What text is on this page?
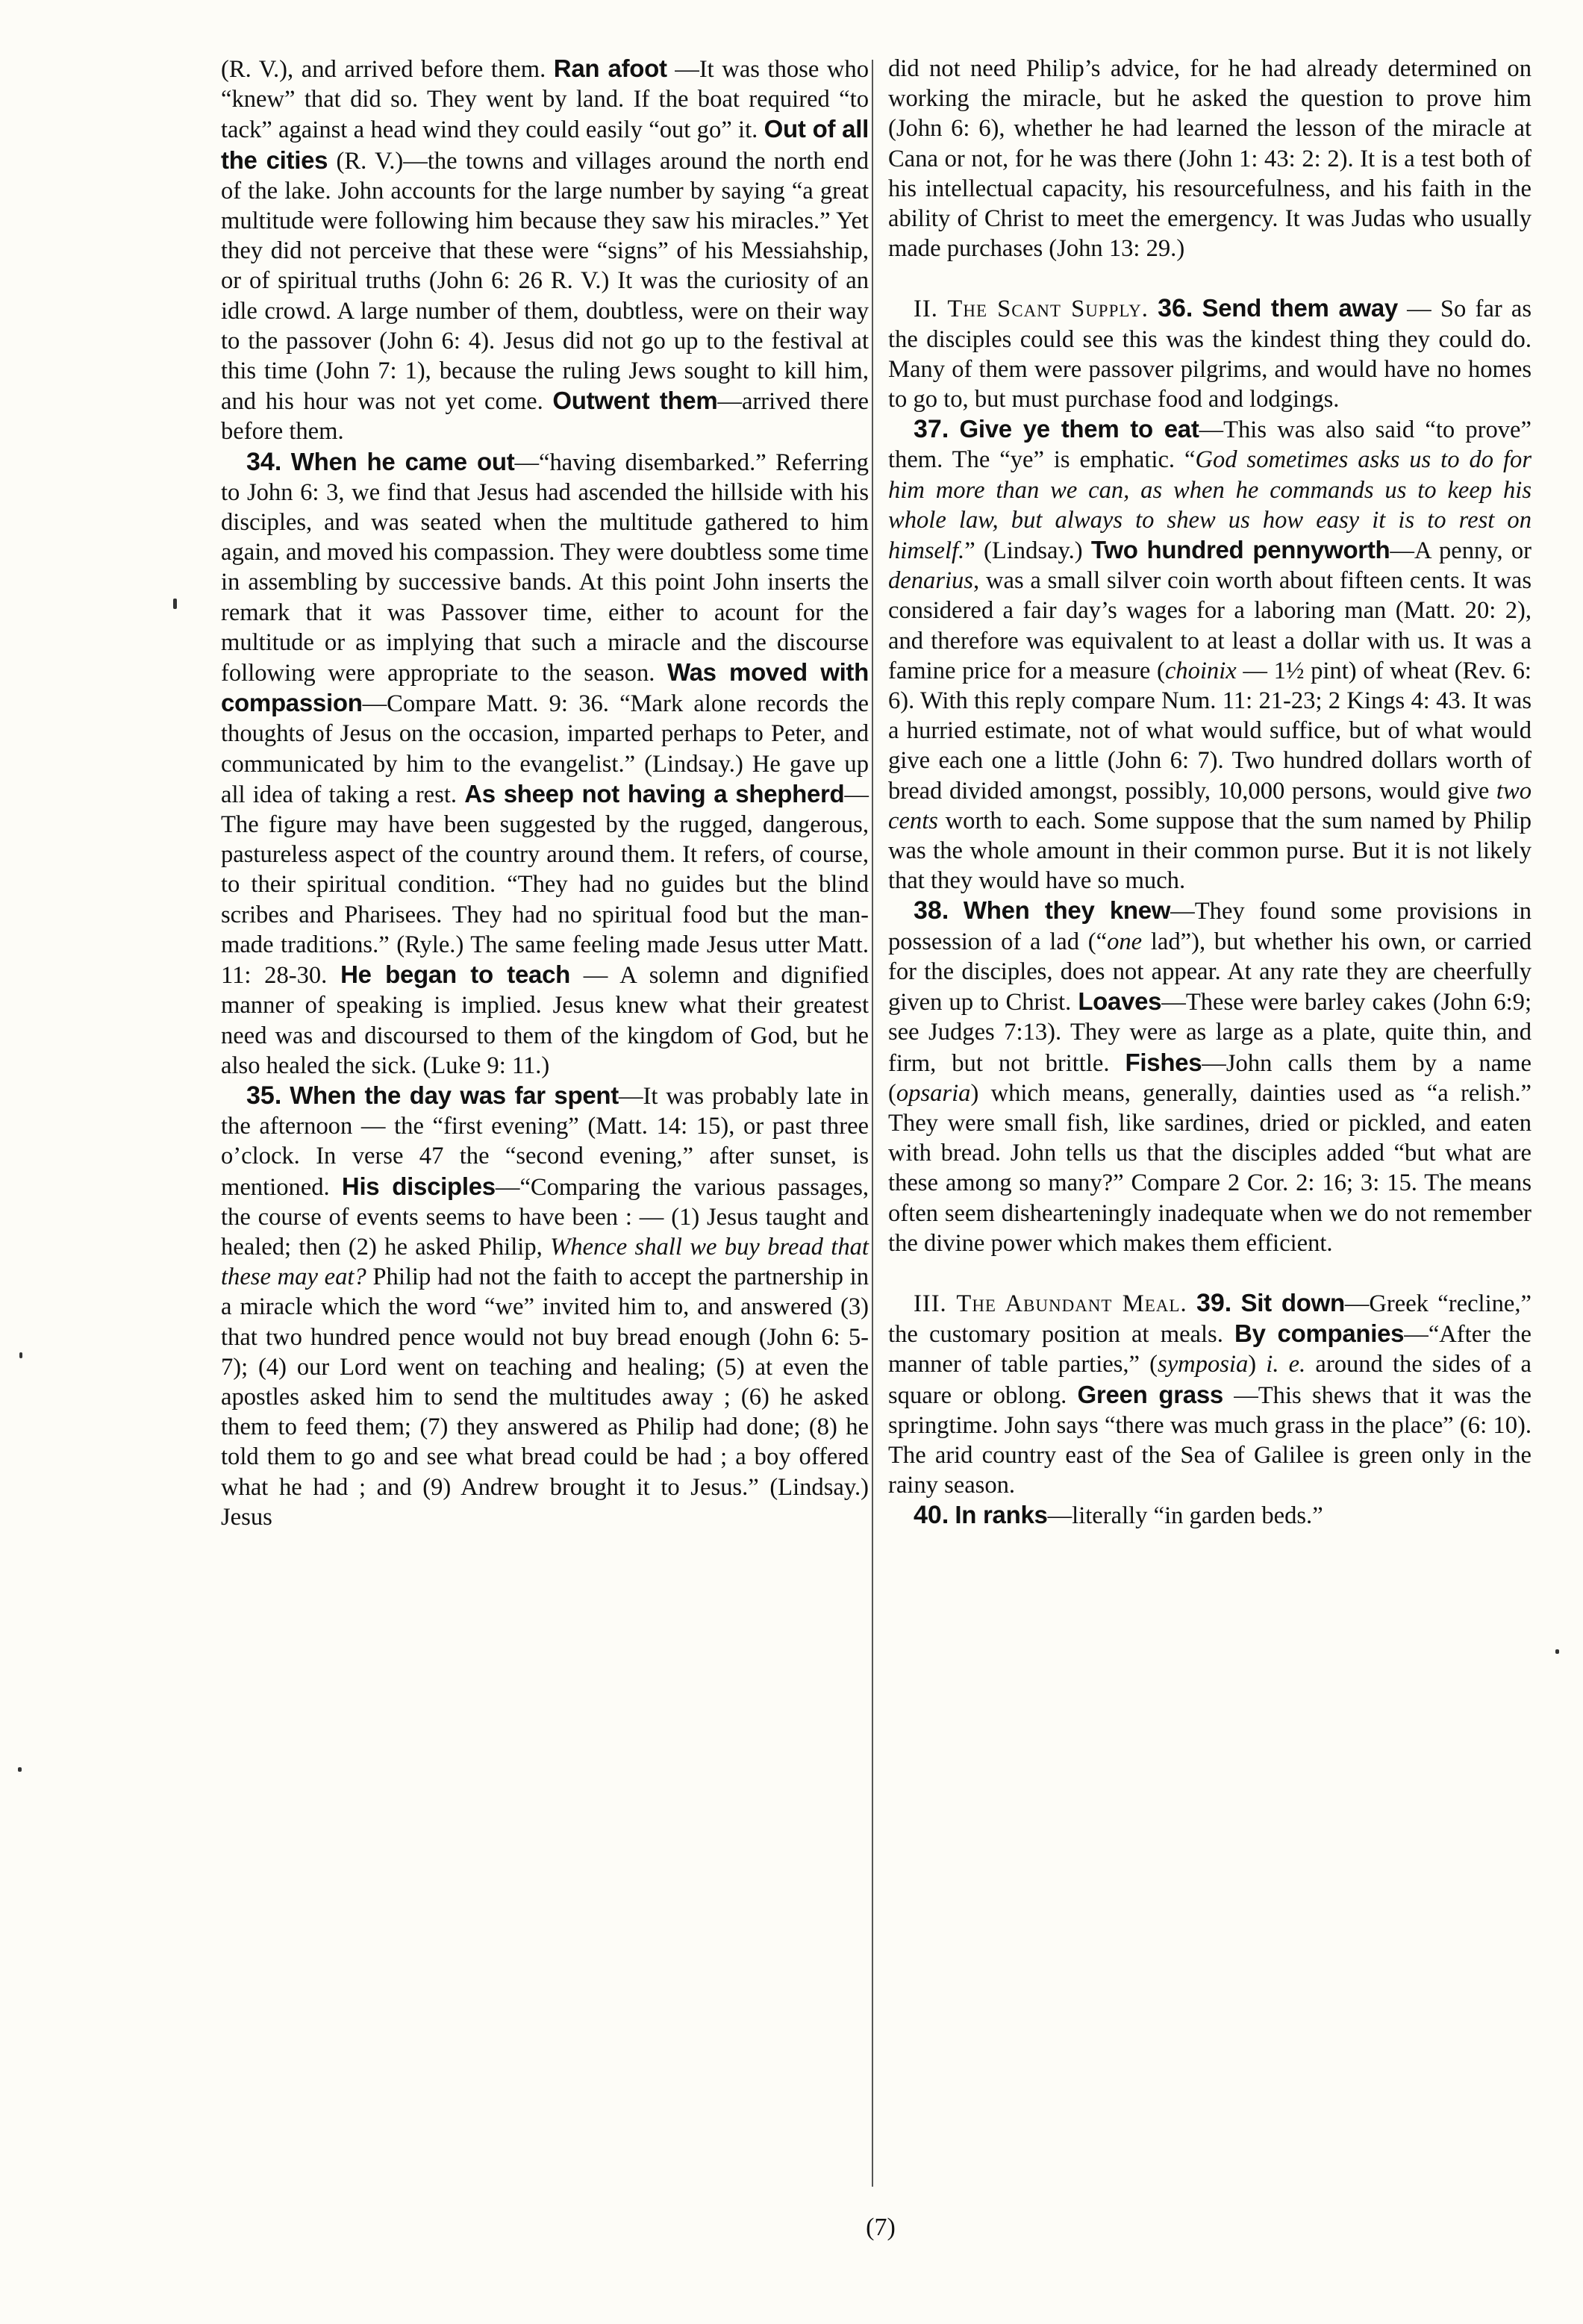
(R. V.), and arrived before them. Ran afoot —It was those who “knew” that did so. They went by land. If the boat required “to tack” against a head wind they could easily “out go” it. Out of all the cities (R. V.)—the towns and villages around the north end of the lake. John accounts for the large number by saying “a great multitude were following him because they saw his miracles.” Yet they did not perceive that these were “signs” of his Messiahship, or of spiritual truths (John 6: 26 R. V.) It was the curiosity of an idle crowd. A large number of them, doubtless, were on their way to the passover (John 6: 4). Jesus did not go up to the festival at this time (John 7: 1), because the ruling Jews sought to kill him, and his hour was not yet come. Outwent them—arrived there before them.

34. When he came out—“having disembarked.” Referring to John 6: 3, we find that Jesus had ascended the hillside with his disciples, and was seated when the multitude gathered to him again, and moved his compassion. They were doubtless some time in assembling by successive bands. At this point John inserts the remark that it was Passover time, either to acount for the multitude or as implying that such a miracle and the discourse following were appropriate to the season. Was moved with compassion—Compare Matt. 9: 36. “Mark alone records the thoughts of Jesus on the occasion, imparted perhaps to Peter, and communicated by him to the evangelist.” (Lindsay.) He gave up all idea of taking a rest. As sheep not having a shepherd—The figure may have been suggested by the rugged, dangerous, pastureless aspect of the country around them. It refers, of course, to their spiritual condition. “They had no guides but the blind scribes and Pharisees. They had no spiritual food but the man-made traditions.” (Ryle.) The same feeling made Jesus utter Matt. 11: 28-30. He began to teach — A solemn and dignified manner of speaking is implied. Jesus knew what their greatest need was and discoursed to them of the kingdom of God, but he also healed the sick. (Luke 9: 11.)

35. When the day was far spent—It was probably late in the afternoon — the “first evening” (Matt. 14: 15), or past three o’clock. In verse 47 the “second evening,” after sunset, is mentioned. His disciples—“Comparing the various passages, the course of events seems to have been : — (1) Jesus taught and healed; then (2) he asked Philip, Whence shall we buy bread that these may eat? Philip had not the faith to accept the partnership in a miracle which the word “we” invited him to, and answered (3) that two hundred pence would not buy bread enough (John 6: 5-7); (4) our Lord went on teaching and healing; (5) at even the apostles asked him to send the multitudes away ; (6) he asked them to feed them; (7) they answered as Philip had done; (8) he told them to go and see what bread could be had ; a boy offered what he had ; and (9) Andrew brought it to Jesus.” (Lindsay.) Jesus

did not need Philip’s advice, for he had already determined on working the miracle, but he asked the question to prove him (John 6: 6), whether he had learned the lesson of the miracle at Cana or not, for he was there (John 1: 43: 2: 2). It is a test both of his intellectual capacity, his resourcefulness, and his faith in the ability of Christ to meet the emergency. It was Judas who usually made purchases (John 13: 29.)

II. The Scant Supply. 36. Send them away — So far as the disciples could see this was the kindest thing they could do. Many of them were passover pilgrims, and would have no homes to go to, but must purchase food and lodgings.

37. Give ye them to eat—This was also said “to prove” them. The “ye” is emphatic. “God sometimes asks us to do for him more than we can, as when he commands us to keep his whole law, but always to shew us how easy it is to rest on himself.” (Lindsay.) Two hundred pennyworth—A penny, or denarius, was a small silver coin worth about fifteen cents. It was considered a fair day’s wages for a laboring man (Matt. 20: 2), and therefore was equivalent to at least a dollar with us. It was a famine price for a measure (choinix — 1½ pint) of wheat (Rev. 6: 6). With this reply compare Num. 11: 21-23; 2 Kings 4: 43. It was a hurried estimate, not of what would suffice, but of what would give each one a little (John 6: 7). Two hundred dollars worth of bread divided amongst, possibly, 10,000 persons, would give two cents worth to each. Some suppose that the sum named by Philip was the whole amount in their common purse. But it is not likely that they would have so much.

38. When they knew—They found some provisions in possession of a lad (“one lad”), but whether his own, or carried for the disciples, does not appear. At any rate they are cheerfully given up to Christ. Loaves—These were barley cakes (John 6:9; see Judges 7:13). They were as large as a plate, quite thin, and firm, but not brittle. Fishes—John calls them by a name (opsaria) which means, generally, dainties used as “a relish.” They were small fish, like sardines, dried or pickled, and eaten with bread. John tells us that the disciples added “but what are these among so many?” Compare 2 Cor. 2: 16; 3: 15. The means often seem dishearteningly inadequate when we do not remember the divine power which makes them efficient.

III. The Abundant Meal. 39. Sit down—Greek “recline,” the customary position at meals. By companies—“After the manner of table parties,” (symposia) i. e. around the sides of a square or oblong. Green grass —This shews that it was the springtime. John says “there was much grass in the place” (6: 10). The arid country east of the Sea of Galilee is green only in the rainy season.

40. In ranks—literally “in garden beds.”

(7)
